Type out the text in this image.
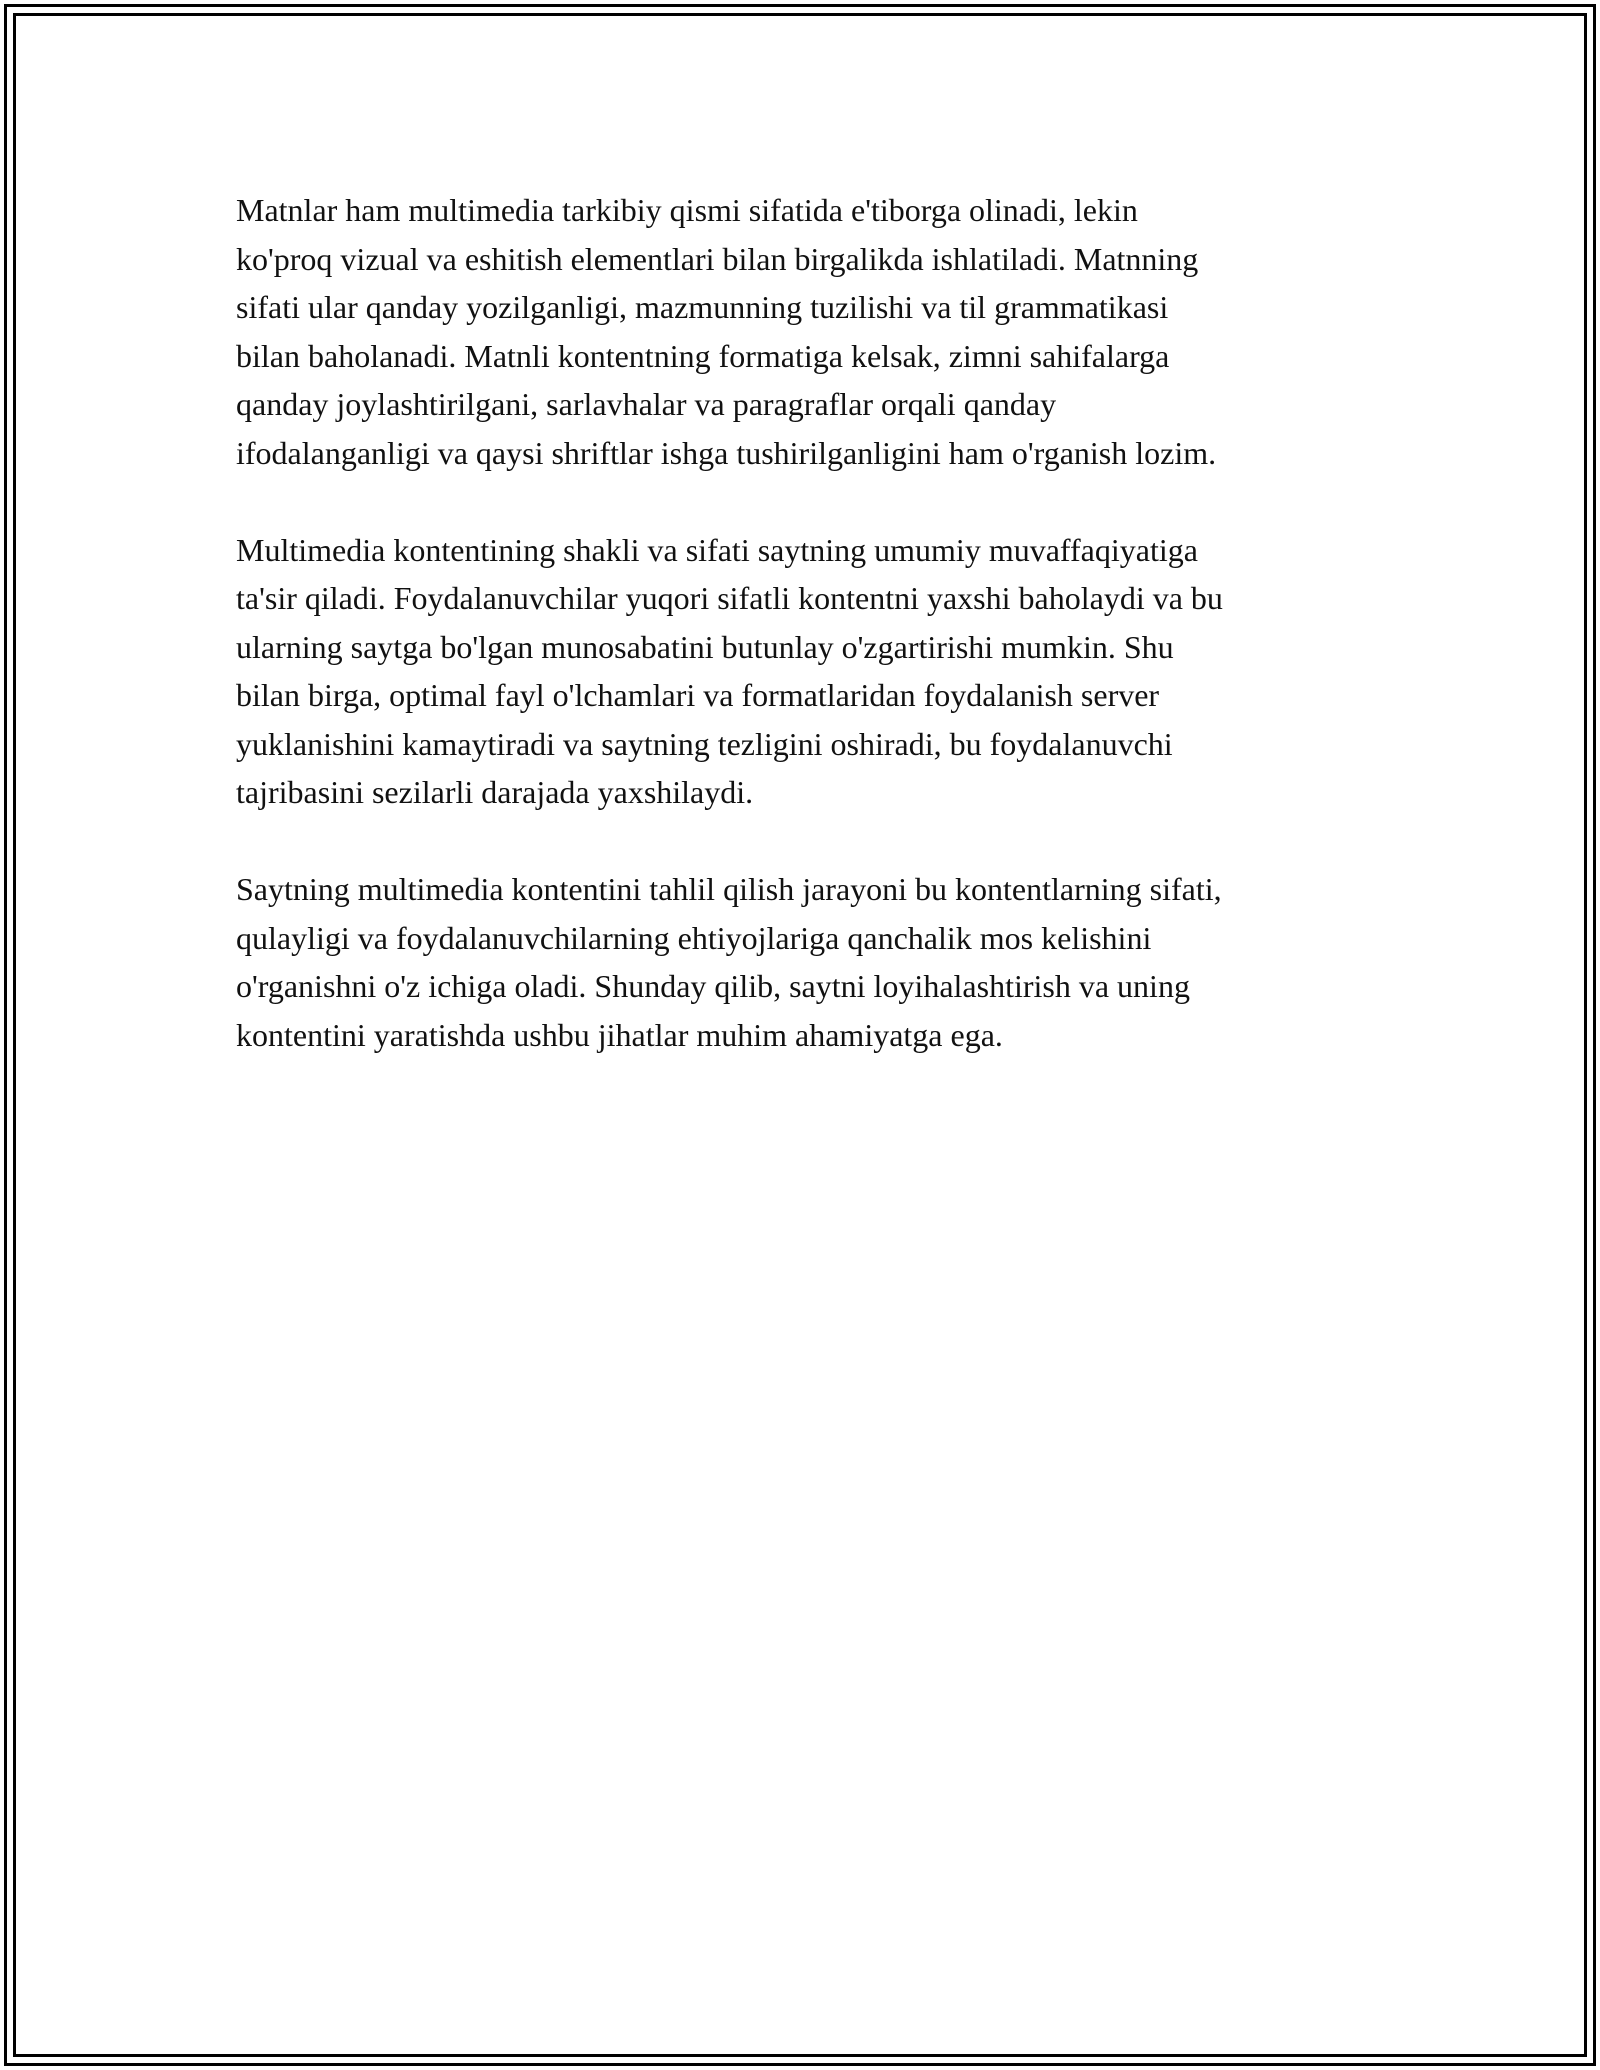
Matnlar ham multimedia tarkibiy qismi sifatida e'tiborga olinadi, lekin
ko'proq vizual va eshitish elementlari bilan birgalikda ishlatiladi. Matnning
sifati ular qanday yozilganligi, mazmunning tuzilishi va til grammatikasi
bilan baholanadi. Matnli kontentning formatiga kelsak, zimni sahifalarga
qanday joylashtirilgani, sarlavhalar va paragraflar orqali qanday
ifodalanganligi va qaysi shriftlar ishga tushirilganligini ham o'rganish lozim.

Multimedia kontentining shakli va sifati saytning umumiy muvaffaqiyatiga
ta'sir qiladi. Foydalanuvchilar yuqori sifatli kontentni yaxshi baholaydi va bu
ularning saytga bo'lgan munosabatini butunlay o'zgartirishi mumkin. Shu
bilan birga, optimal fayl o'lchamlari va formatlaridan foydalanish server
yuklanishini kamaytiradi va saytning tezligini oshiradi, bu foydalanuvchi
tajribasini sezilarli darajada yaxshilaydi.

Saytning multimedia kontentini tahlil qilish jarayoni bu kontentlarning sifati,
qulayligi va foydalanuvchilarning ehtiyojlariga qanchalik mos kelishini
o'rganishni o'z ichiga oladi. Shunday qilib, saytni loyihalashtirish va uning
kontentini yaratishda ushbu jihatlar muhim ahamiyatga ega.
